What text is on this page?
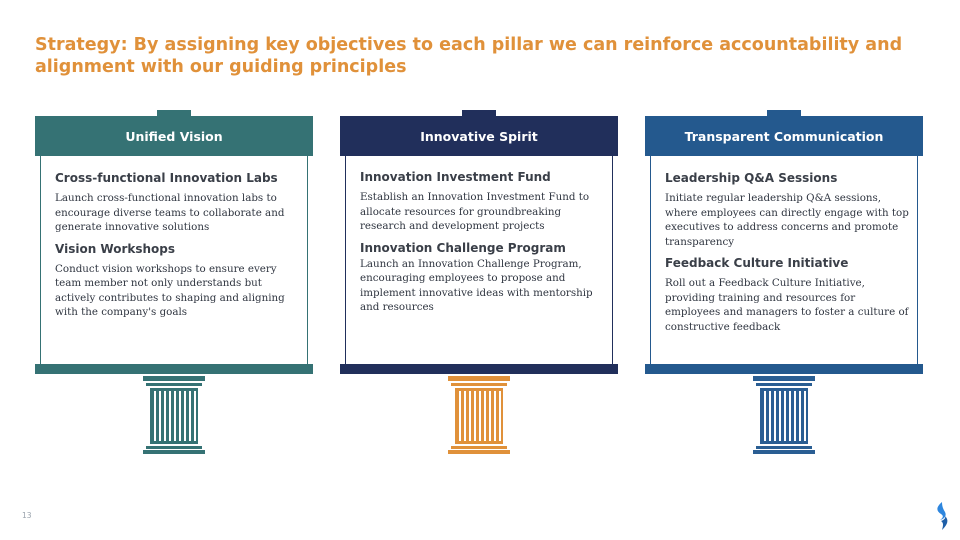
Strategy: By assigning key objectives to each pillar we can reinforce accountability and alignment with our guiding principles

Cross-functional Innovation Labs

Launch cross-functional innovation labs to encourage diverse teams to collaborate and generate innovative solutions

Vision Workshops

Conduct vision workshops to ensure every team member not only understands but actively contributes to shaping and aligning with the company's goals

Unified Vision

Innovation Investment Fund

Establish an Innovation Investment Fund to allocate resources for groundbreaking research and development projects

Innovation Challenge Program

Launch an Innovation Challenge Program, encouraging employees to propose and implement innovative ideas with mentorship and resources

Innovative Spirit

Leadership Q&A Sessions

Initiate regular leadership Q&A sessions, where employees can directly engage with top executives to address concerns and promote transparency

Feedback Culture Initiative

Roll out a Feedback Culture Initiative, providing training and resources for employees and managers to foster a culture of constructive feedback

Transparent Communication
13
